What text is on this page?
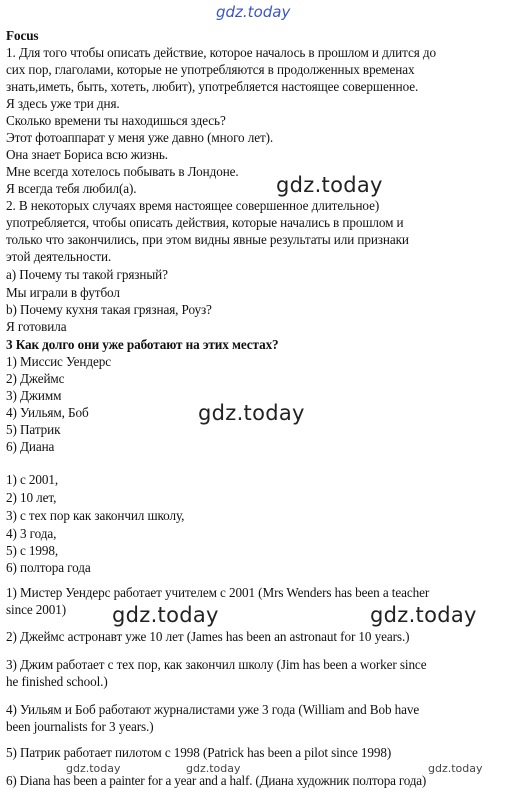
gdz.today

Focus

1. Для того чтобы описать действие, которое началось в прошлом и длится до

сих пор, глаголами, которые не употребляются в продолженных временах

знать,иметь, быть, хотеть, любит), употребляется настоящее совершенное.

Я здесь уже три дня.

Сколько времени ты находишься здесь?

Этот фотоаппарат у меня уже давно (много лет).

Она знает Бориса всю жизнь.

Мне всегда хотелось побывать в Лондоне.

Я всегда тебя любил(а).	gdz.today

2. В некоторых случаях время настоящее совершенное длительное)

употребляется, чтобы описать действия, которые начались в прошлом и

только что закончились, при этом видны явные результаты или признаки

этой деятельности.

a) Почему ты такой грязный?

Мы играли в футбол

b) Почему кухня такая грязная, Роуз?

Я готовила

3 Как долго они уже работают на этих местах?

1) Миссис Уендерс

2) Джеймс

3) Джимм

4) Уильям, Боб

5) Патрик

6) Диана

gdz.today

1) с 2001,

2) 10 лет,

3) с тех пор как закончил школу,

4) 3 года,

5) с 1998,

6) полтора года

1) Мистер Уендерс работает учителем с 2001 (Mrs Wenders has been a teacher

since 2001) gdz.today	gdz.today

2) Джеймс астронавт уже 10 лет (James has been an astronaut for 10 years.)

3) Джим работает с тех пор, как закончил школу (Jim has been a worker since

he finished school.)

4) Уильям и Боб работают журналистами уже 3 года (William and Bob have

been journalists for 3 years.)

5) Патрик работает пилотом с 1998 (Patrick has been a pilot since 1998)

gdz.today	gdz.today	gdz.today

6) Diana has been a painter for a year and a half. (Диана художник полтора года)
